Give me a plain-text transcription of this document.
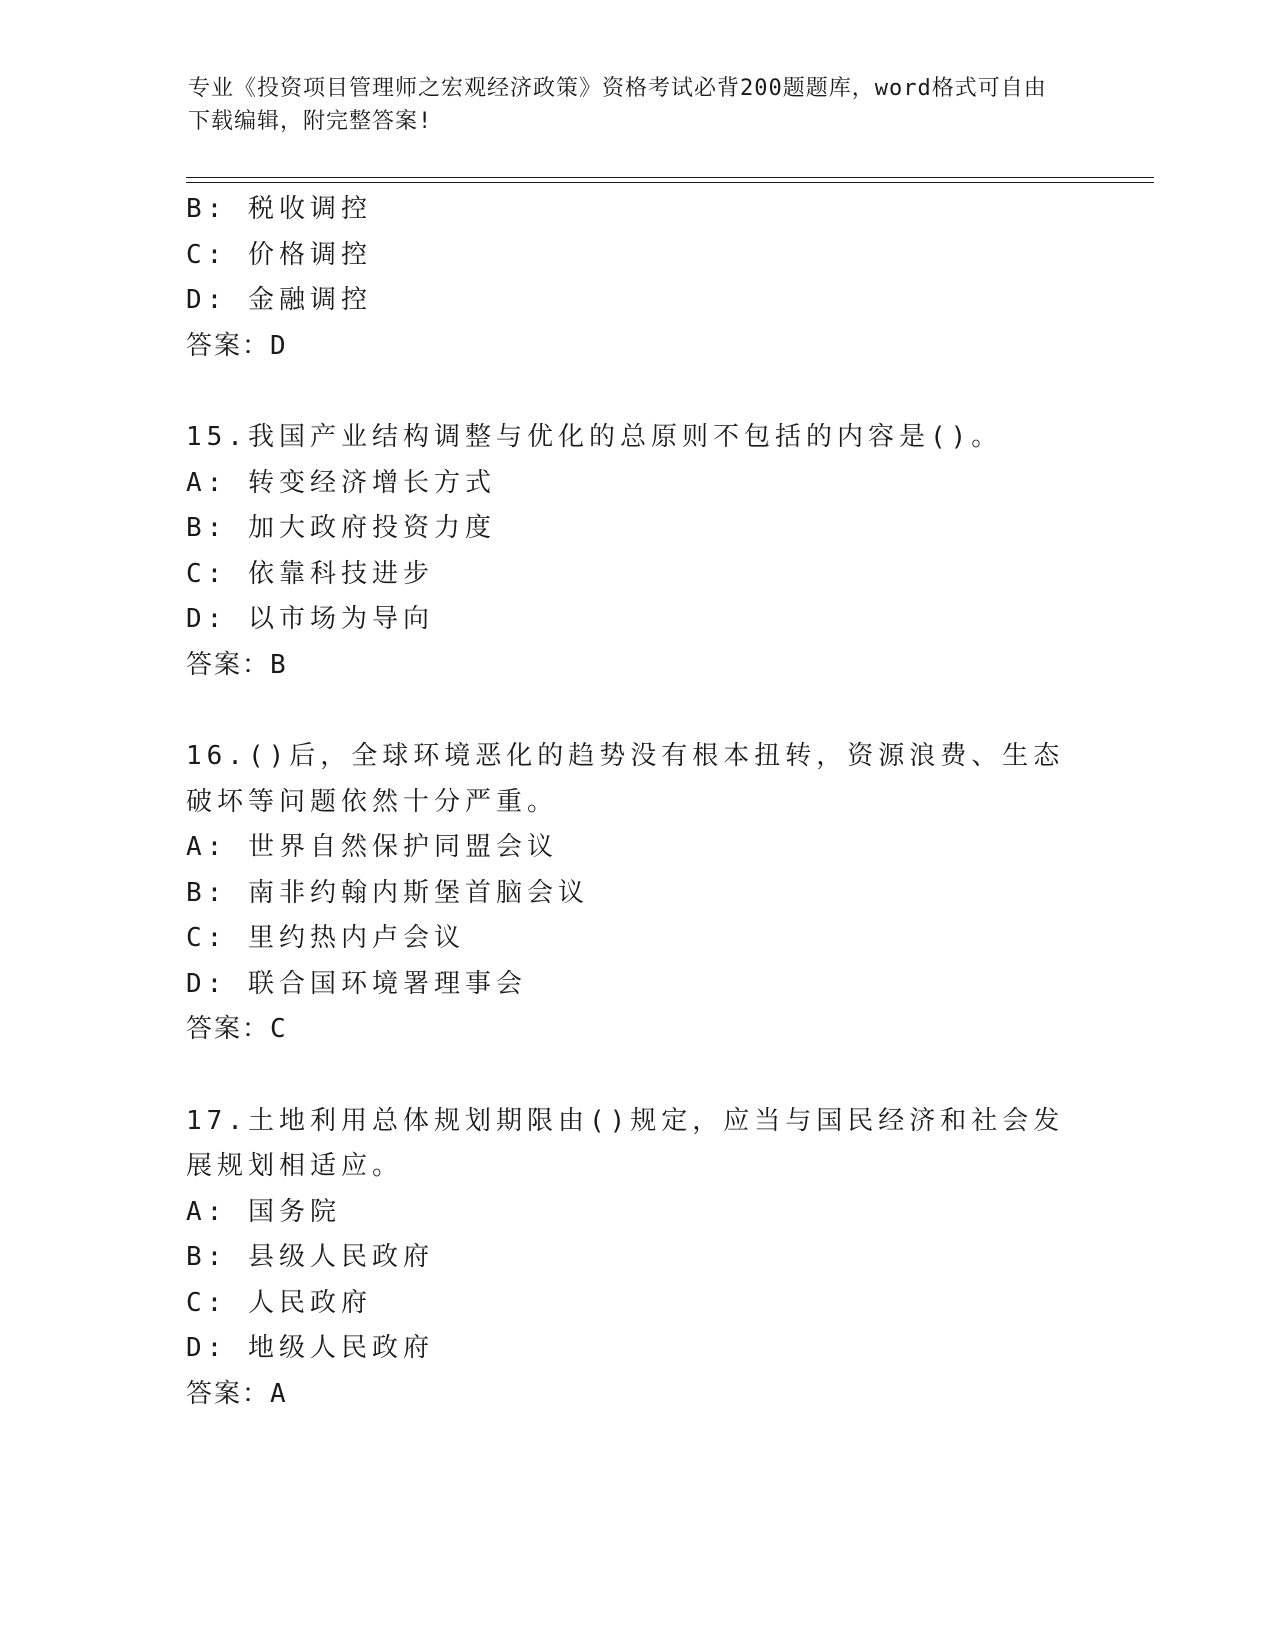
专业《投资项目管理师之宏观经济政策》资格考试必背200题题库，word格式可自由下载编辑，附完整答案!
B: 税收调控
C: 价格调控
D: 金融调控
答案：D
15.我国产业结构调整与优化的总原则不包括的内容是()。
A: 转变经济增长方式
B: 加大政府投资力度
C: 依靠科技进步
D: 以市场为导向
答案：B
16.()后，全球环境恶化的趋势没有根本扭转，资源浪费、生态破坏等问题依然十分严重。
A: 世界自然保护同盟会议
B: 南非约翰内斯堡首脑会议
C: 里约热内卢会议
D: 联合国环境署理事会
答案：C
17.土地利用总体规划期限由()规定，应当与国民经济和社会发展规划相适应。
A: 国务院
B: 县级人民政府
C: 人民政府
D: 地级人民政府
答案：A
